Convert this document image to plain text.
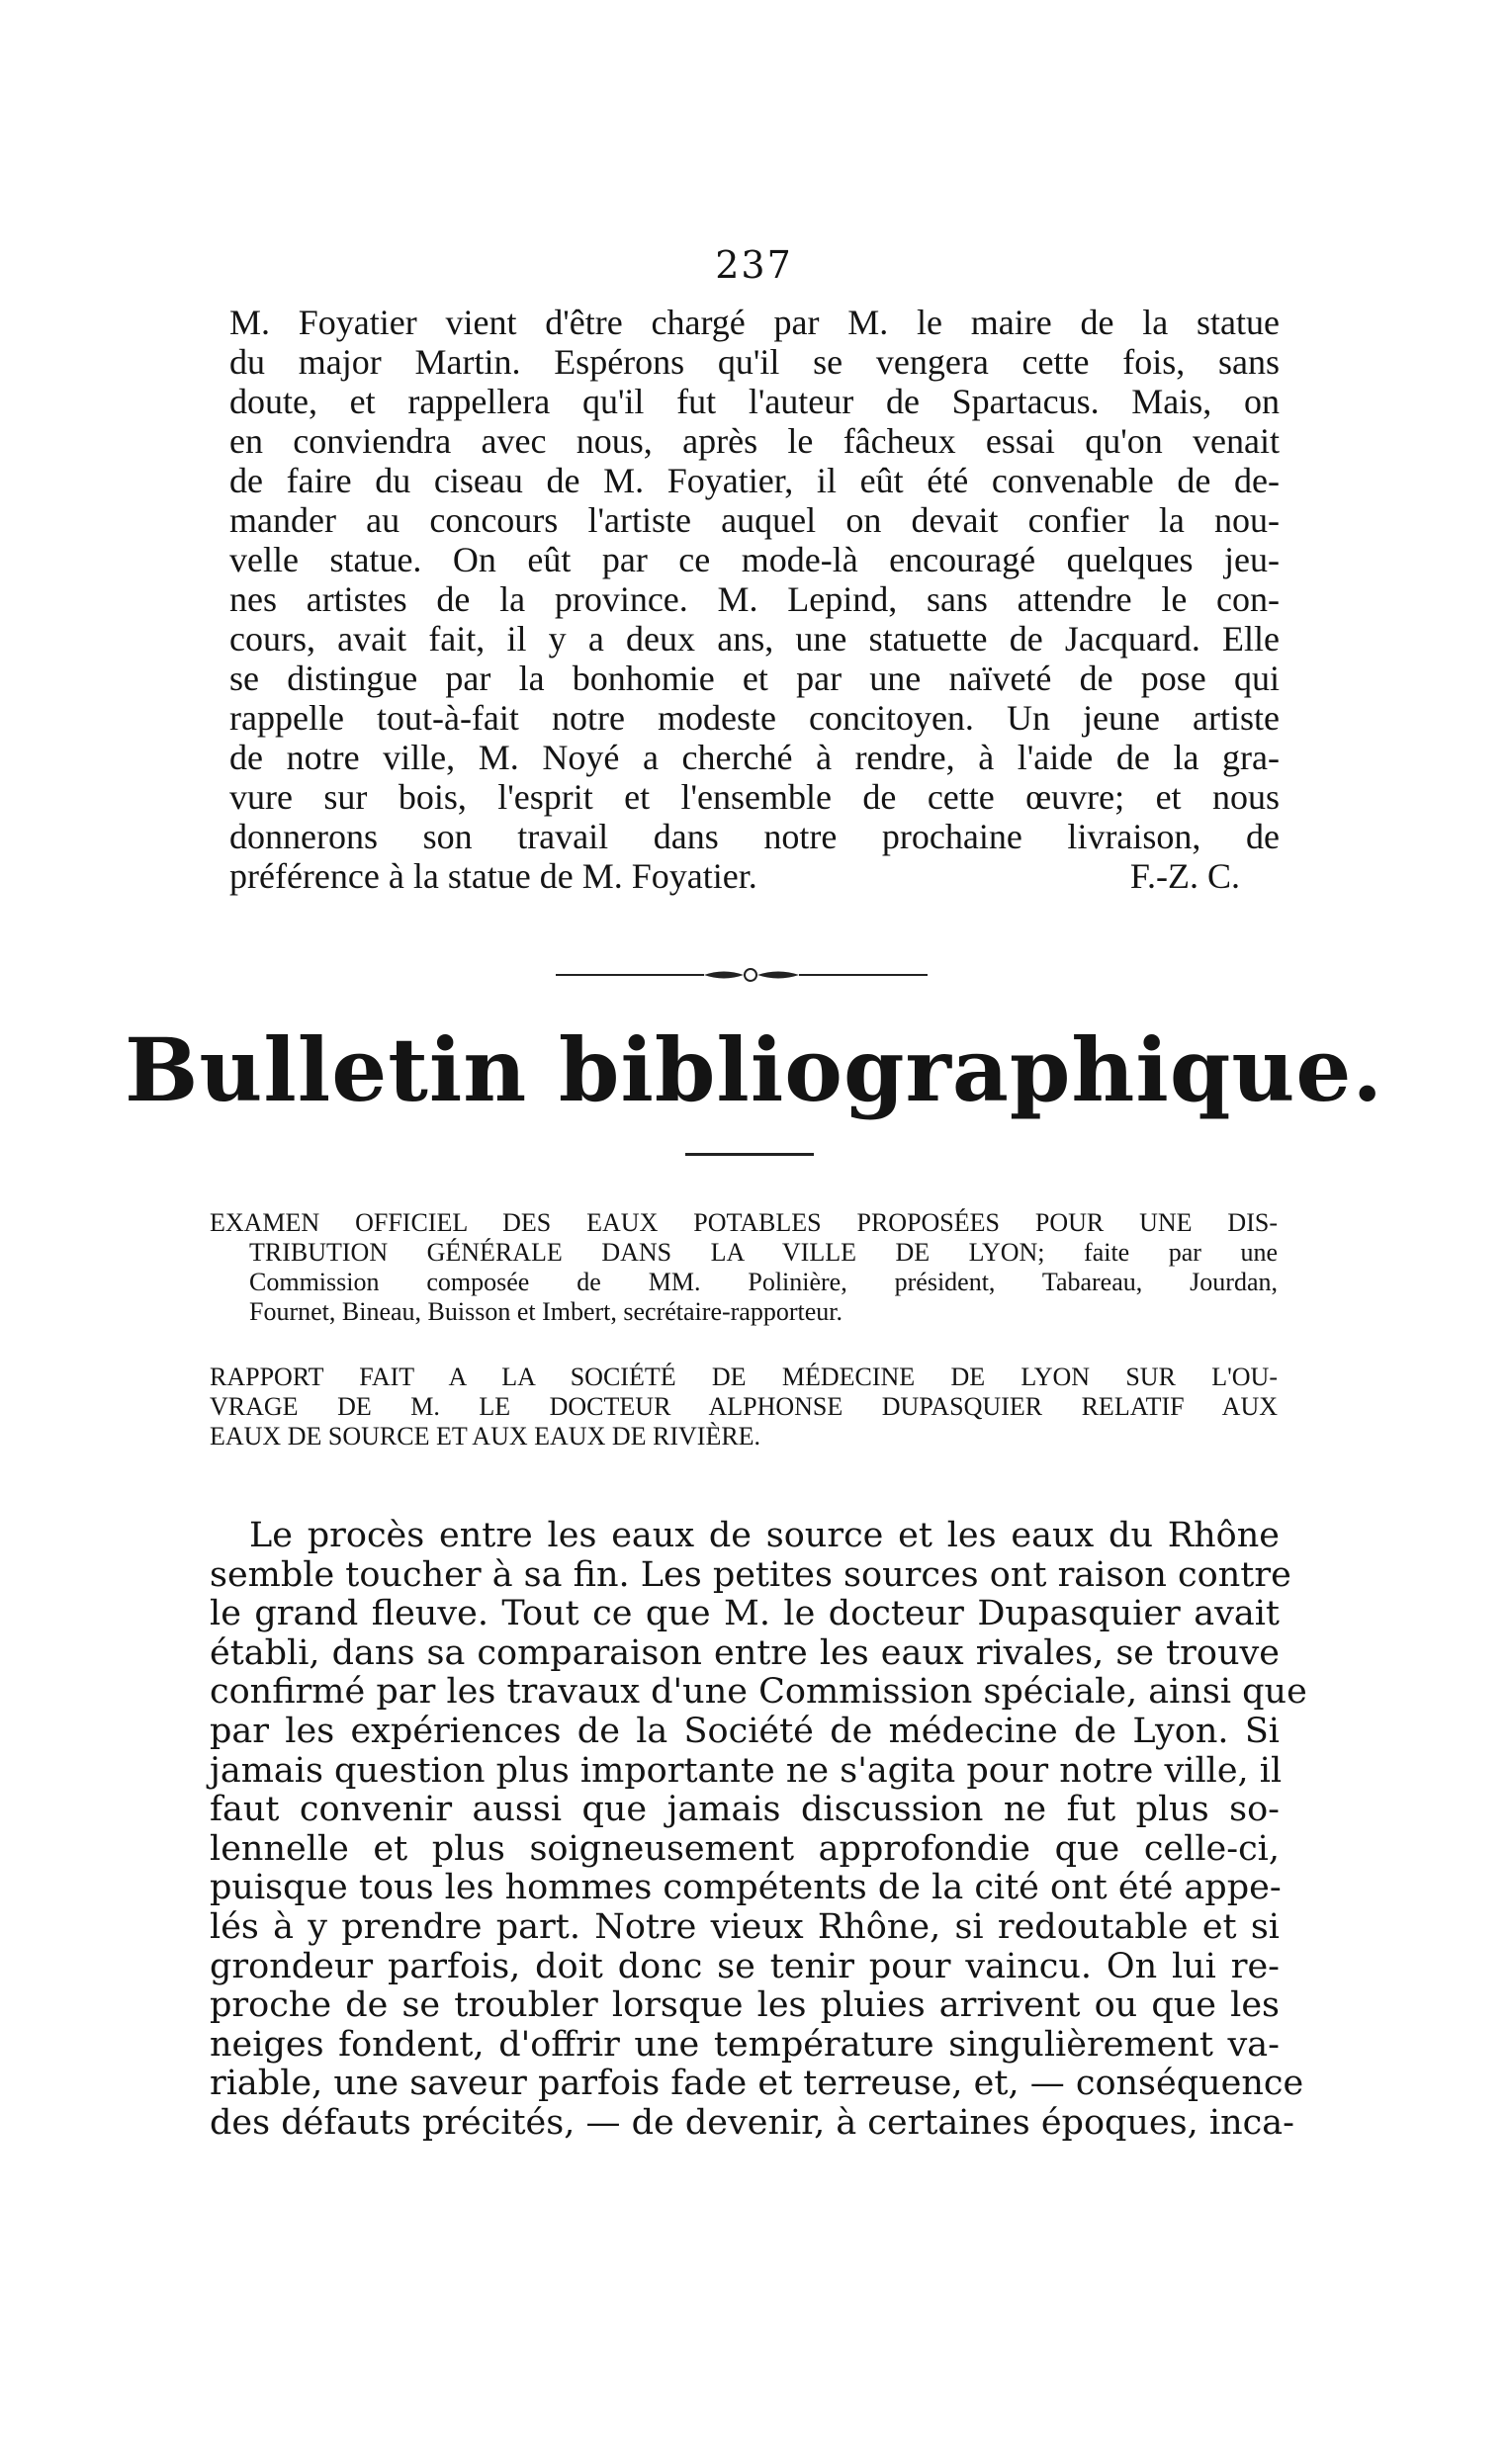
237
M. Foyatier vient d'être chargé par M. le maire de la statue
du major Martin. Espérons qu'il se vengera cette fois, sans
doute, et rappellera qu'il fut l'auteur de Spartacus. Mais, on
en conviendra avec nous, après le fâcheux essai qu'on venait
de faire du ciseau de M. Foyatier, il eût été convenable de de-
mander au concours l'artiste auquel on devait confier la nou-
velle statue. On eût par ce mode-là encouragé quelques jeu-
nes artistes de la province. M. Lepind, sans attendre le con-
cours, avait fait, il y a deux ans, une statuette de Jacquard. Elle
se distingue par la bonhomie et par une naïveté de pose qui
rappelle tout-à-fait notre modeste concitoyen. Un jeune artiste
de notre ville, M. Noyé a cherché à rendre, à l'aide de la gra-
vure sur bois, l'esprit et l'ensemble de cette œuvre; et nous
donnerons son travail dans notre prochaine livraison, de
préférence à la statue de M. Foyatier.	F.-Z. C.
Bulletin bibliographique.
EXAMEN OFFICIEL DES EAUX POTABLES PROPOSÉES POUR UNE DIS-
TRIBUTION GÉNÉRALE DANS LA VILLE DE LYON; faite par une
Commission composée de MM. Polinière, président, Tabareau, Jourdan,
Fournet, Bineau, Buisson et Imbert, secrétaire-rapporteur.
RAPPORT FAIT A LA SOCIÉTÉ DE MÉDECINE DE LYON SUR L'OU-
VRAGE DE M. LE DOCTEUR ALPHONSE DUPASQUIER RELATIF AUX
EAUX DE SOURCE ET AUX EAUX DE RIVIÈRE.
Le procès entre les eaux de source et les eaux du Rhône
semble toucher à sa fin. Les petites sources ont raison contre
le grand fleuve. Tout ce que M. le docteur Dupasquier avait
établi, dans sa comparaison entre les eaux rivales, se trouve
confirmé par les travaux d'une Commission spéciale, ainsi que
par les expériences de la Société de médecine de Lyon. Si
jamais question plus importante ne s'agita pour notre ville, il
faut convenir aussi que jamais discussion ne fut plus so-
lennelle et plus soigneusement approfondie que celle-ci,
puisque tous les hommes compétents de la cité ont été appe-
lés à y prendre part. Notre vieux Rhône, si redoutable et si
grondeur parfois, doit donc se tenir pour vaincu. On lui re-
proche de se troubler lorsque les pluies arrivent ou que les
neiges fondent, d'offrir une température singulièrement va-
riable, une saveur parfois fade et terreuse, et, — conséquence
des défauts précités, — de devenir, à certaines époques, inca-
